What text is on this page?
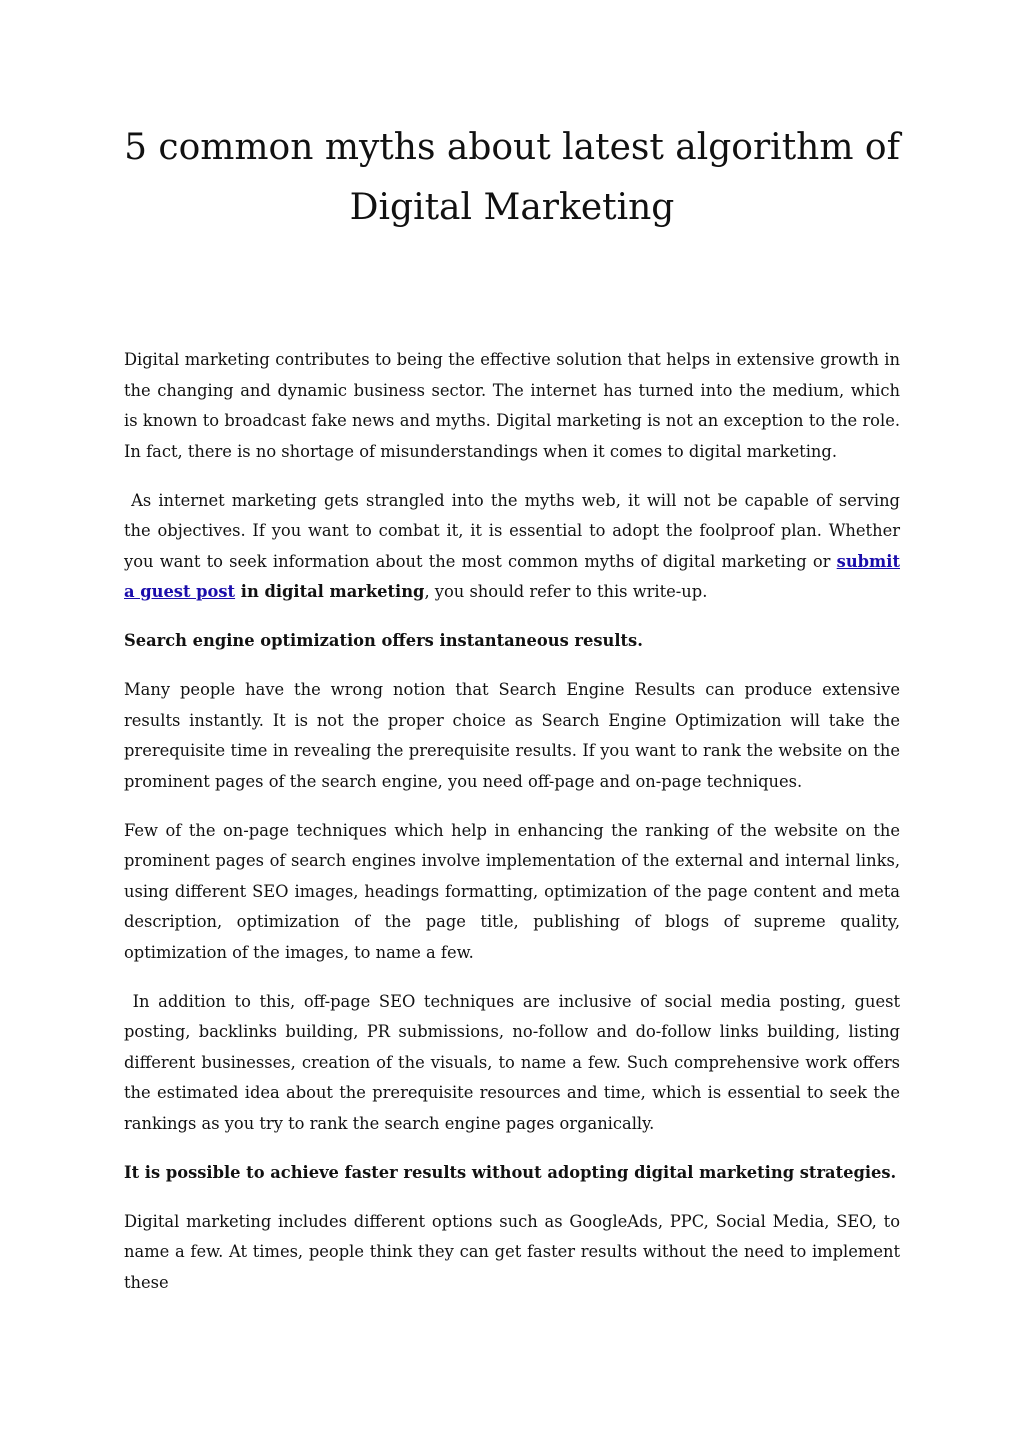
5 common myths about latest algorithm of
Digital Marketing

Digital marketing contributes to being the effective solution that helps in extensive growth in the changing and dynamic business sector. The internet has turned into the medium, which is known to broadcast fake news and myths. Digital marketing is not an exception to the role. In fact, there is no shortage of misunderstandings when it comes to digital marketing.

As internet marketing gets strangled into the myths web, it will not be capable of serving the objectives. If you want to combat it, it is essential to adopt the foolproof plan. Whether you want to seek information about the most common myths of digital marketing or submit a guest post in digital marketing, you should refer to this write-up.

Search engine optimization offers instantaneous results.

Many people have the wrong notion that Search Engine Results can produce extensive results instantly. It is not the proper choice as Search Engine Optimization will take the prerequisite time in revealing the prerequisite results. If you want to rank the website on the prominent pages of the search engine, you need off-page and on-page techniques.

Few of the on-page techniques which help in enhancing the ranking of the website on the prominent pages of search engines involve implementation of the external and internal links, using different SEO images, headings formatting, optimization of the page content and meta description, optimization of the page title, publishing of blogs of supreme quality, optimization of the images, to name a few.

In addition to this, off-page SEO techniques are inclusive of social media posting, guest posting, backlinks building, PR submissions, no-follow and do-follow links building, listing different businesses, creation of the visuals, to name a few. Such comprehensive work offers the estimated idea about the prerequisite resources and time, which is essential to seek the rankings as you try to rank the search engine pages organically.

It is possible to achieve faster results without adopting digital marketing strategies.

Digital marketing includes different options such as GoogleAds, PPC, Social Media, SEO, to name a few. At times, people think they can get faster results without the need to implement these
